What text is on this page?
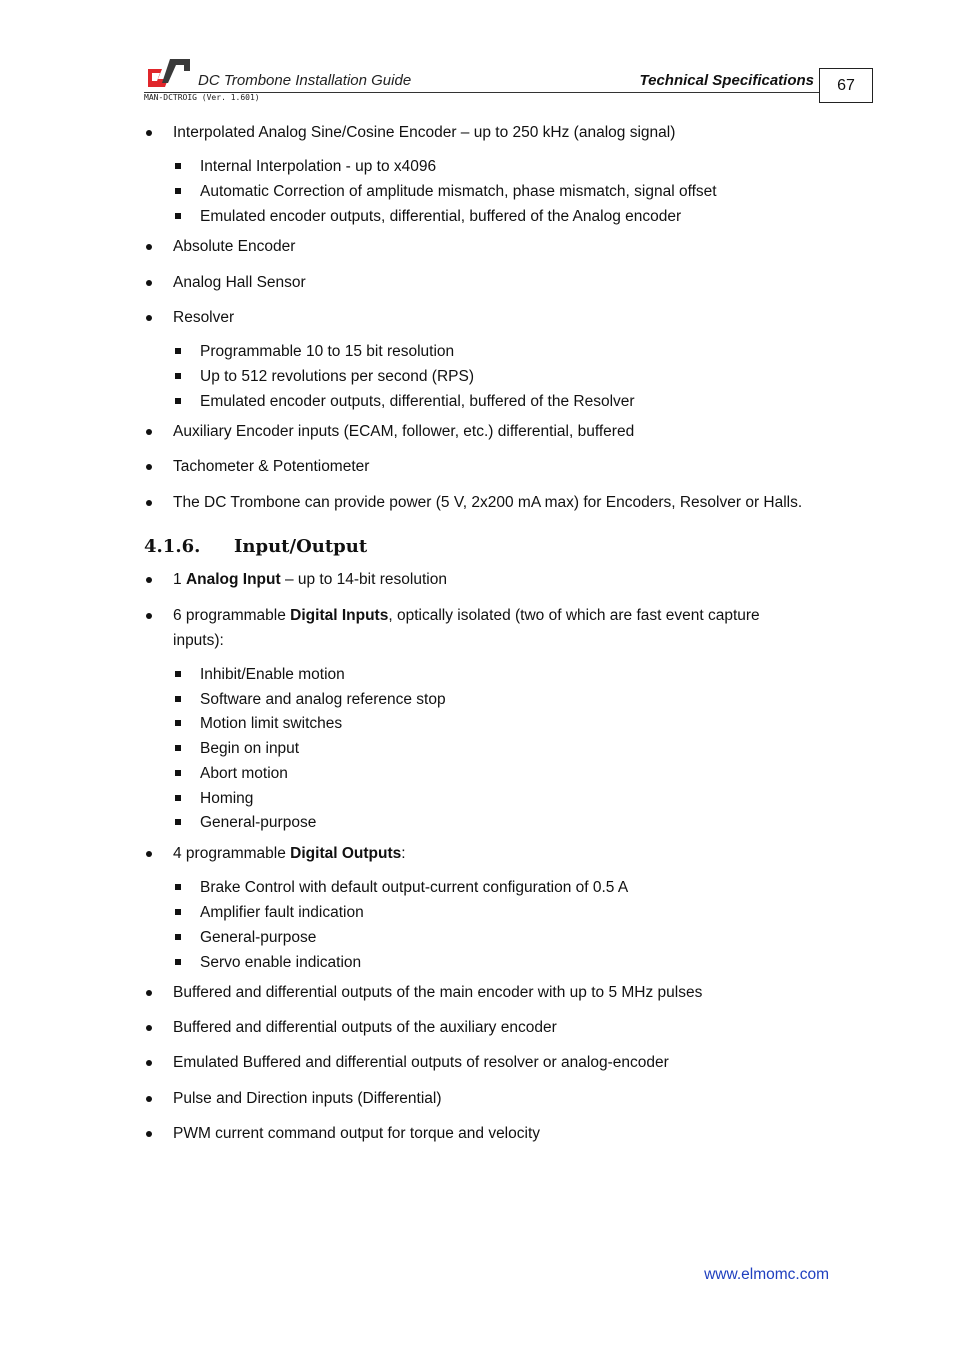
DC Trombone Installation Guide	Technical Specifications
MAN-DCTROIG (Ver. 1.601)
67
Interpolated Analog Sine/Cosine Encoder – up to 250 kHz (analog signal)
Internal Interpolation - up to x4096
Automatic Correction of amplitude mismatch, phase mismatch, signal offset
Emulated encoder outputs, differential, buffered of the Analog encoder
Absolute Encoder
Analog Hall Sensor
Resolver
Programmable 10 to 15 bit resolution
Up to 512 revolutions per second (RPS)
Emulated encoder outputs, differential, buffered of the Resolver
Auxiliary Encoder inputs (ECAM, follower, etc.) differential, buffered
Tachometer & Potentiometer
The DC Trombone can provide power (5 V, 2x200 mA max) for Encoders, Resolver or Halls.
4.1.6. Input/Output
1 Analog Input – up to 14-bit resolution
6 programmable Digital Inputs, optically isolated (two of which are fast event capture
inputs):
Inhibit/Enable motion
Software and analog reference stop
Motion limit switches
Begin on input
Abort motion
Homing
General-purpose
4 programmable Digital Outputs:
Brake Control with default output-current configuration of 0.5 A
Amplifier fault indication
General-purpose
Servo enable indication
Buffered and differential outputs of the main encoder with up to 5 MHz pulses
Buffered and differential outputs of the auxiliary encoder
Emulated Buffered and differential outputs of resolver or analog-encoder
Pulse and Direction inputs (Differential)
PWM current command output for torque and velocity
www.elmomc.com
